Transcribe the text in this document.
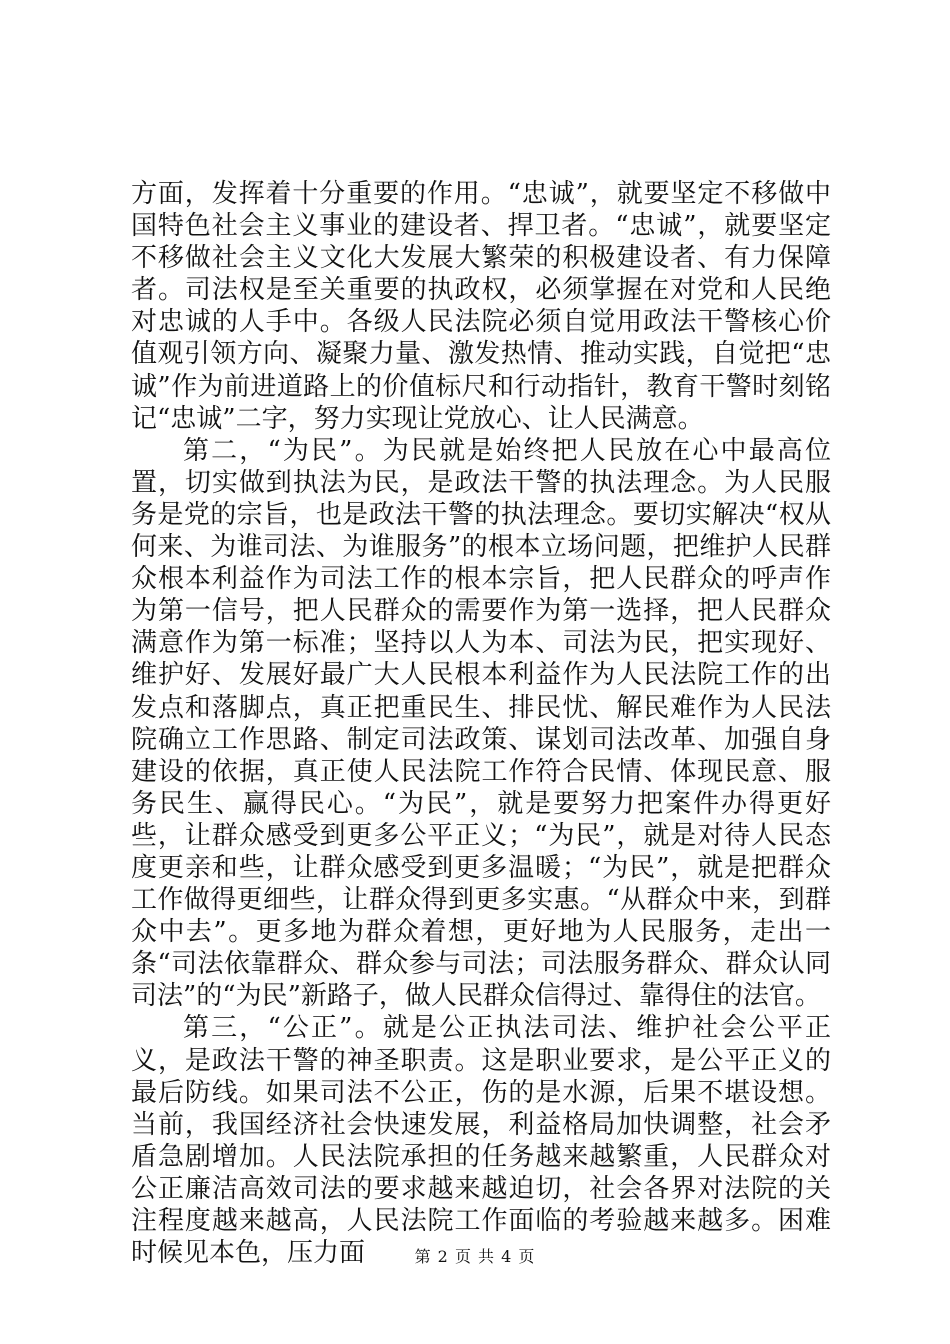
方面，发挥着十分重要的作用。“忠诚”，就要坚定不移做中国特色社会主义事业的建设者、捍卫者。“忠诚”，就要坚定不移做社会主义文化大发展大繁荣的积极建设者、有力保障者。司法权是至关重要的执政权，必须掌握在对党和人民绝对忠诚的人手中。各级人民法院必须自觉用政法干警核心价值观引领方向、凝聚力量、激发热情、推动实践，自觉把“忠诚”作为前进道路上的价值标尺和行动指针，教育干警时刻铭记“忠诚”二字，努力实现让党放心、让人民满意。

第二，“为民”。为民就是始终把人民放在心中最高位置，切实做到执法为民，是政法干警的执法理念。为人民服务是党的宗旨，也是政法干警的执法理念。要切实解决“权从何来、为谁司法、为谁服务”的根本立场问题，把维护人民群众根本利益作为司法工作的根本宗旨，把人民群众的呼声作为第一信号，把人民群众的需要作为第一选择，把人民群众满意作为第一标准；坚持以人为本、司法为民，把实现好、维护好、发展好最广大人民根本利益作为人民法院工作的出发点和落脚点，真正把重民生、排民忧、解民难作为人民法院确立工作思路、制定司法政策、谋划司法改革、加强自身建设的依据，真正使人民法院工作符合民情、体现民意、服务民生、赢得民心。“为民”，就是要努力把案件办得更好些，让群众感受到更多公平正义；“为民”，就是对待人民态度更亲和些，让群众感受到更多温暖；“为民”，就是把群众工作做得更细些，让群众得到更多实惠。“从群众中来，到群众中去”。更多地为群众着想，更好地为人民服务，走出一条“司法依靠群众、群众参与司法；司法服务群众、群众认同司法”的“为民”新路子，做人民群众信得过、靠得住的法官。

第三，“公正”。就是公正执法司法、维护社会公平正义，是政法干警的神圣职责。这是职业要求，是公平正义的最后防线。如果司法不公正，伤的是水源，后果不堪设想。当前，我国经济社会快速发展，利益格局加快调整，社会矛盾急剧增加。人民法院承担的任务越来越繁重，人民群众对公正廉洁高效司法的要求越来越迫切，社会各界对法院的关注程度越来越高，人民法院工作面临的考验越来越多。困难时候见本色，压力面	第 2 页 共 4 页
